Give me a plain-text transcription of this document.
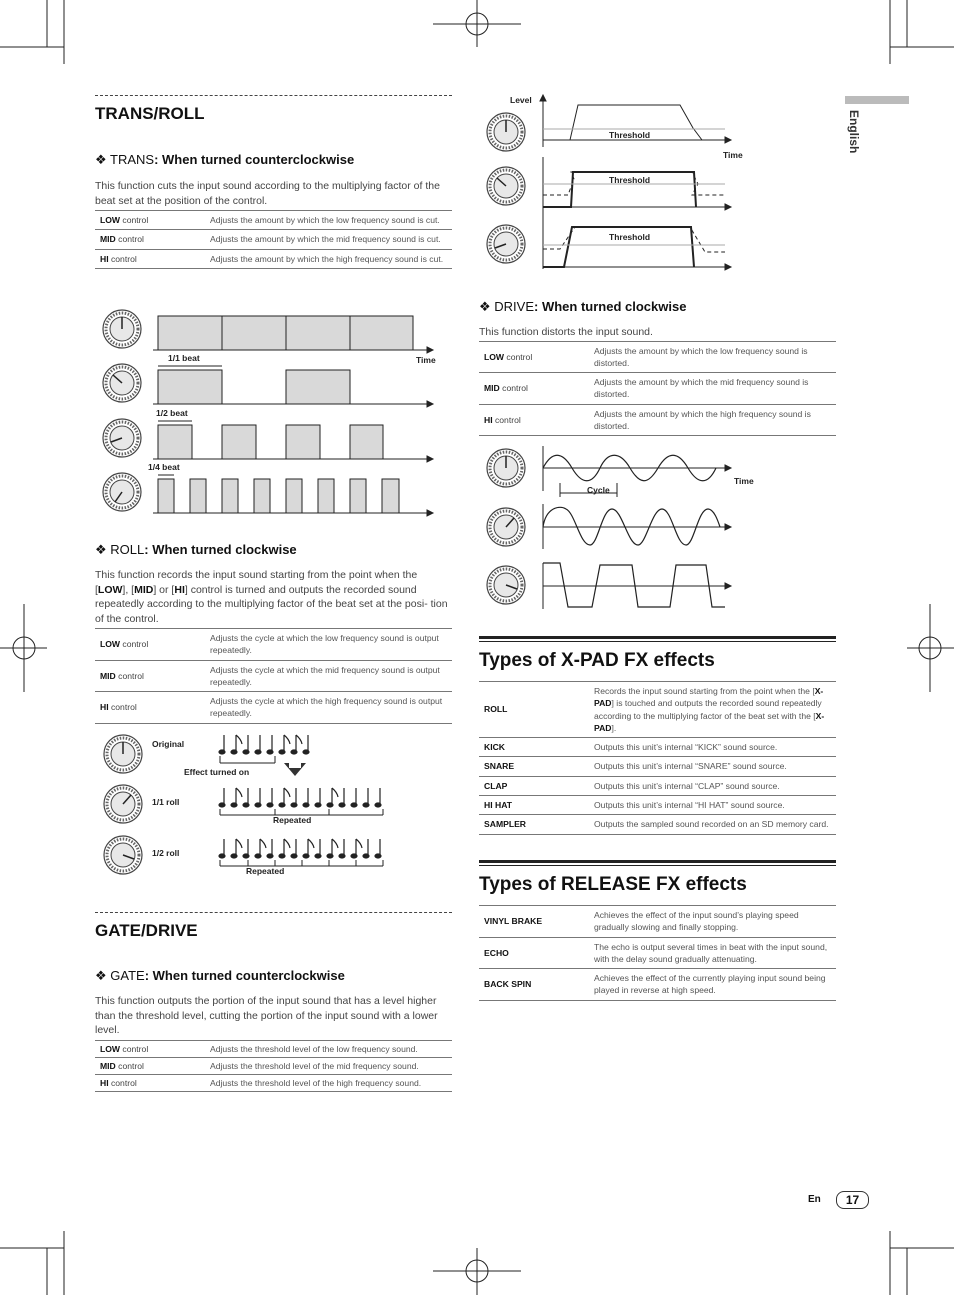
English
TRANS/ROLL
❖ TRANS: When turned counterclockwise
This function cuts the input sound according to the multiplying factor of the beat set at the position of the control.
LOW control	Adjusts the amount by which the low frequency sound is cut.
MID control	Adjusts the amount by which the mid frequency sound is cut.
HI control	Adjusts the amount by which the high frequency sound is cut.
1/1 beat	Time
1/2 beat
1/4 beat
❖ ROLL: When turned clockwise
This function records the input sound starting from the point when the [LOW], [MID] or [HI] control is turned and outputs the recorded sound repeatedly according to the multiplying factor of the beat set at the posi- tion of the control.
LOW control	Adjusts the cycle at which the low frequency sound is output repeatedly.
MID control	Adjusts the cycle at which the mid frequency sound is output repeatedly.
HI control	Adjusts the cycle at which the high frequency sound is output repeatedly.
Original
Effect turned on
1/1 roll
1/2 roll
Repeated
Repeated
GATE/DRIVE
❖ GATE: When turned counterclockwise
This function outputs the portion of the input sound that has a level higher than the threshold level, cutting the portion of the input sound with a lower level.
LOW control	Adjusts the threshold level of the low frequency sound.
MID control	Adjusts the threshold level of the mid frequency sound.
HI control	Adjusts the threshold level of the high frequency sound.
Level
Time
Threshold
Threshold
Threshold
❖ DRIVE: When turned clockwise
This function distorts the input sound.
LOW control	Adjusts the amount by which the low frequency sound is distorted.
MID control	Adjusts the amount by which the mid frequency sound is distorted.
HI control	Adjusts the amount by which the high frequency sound is distorted.
Cycle
Time
Types of X-PAD FX effects
ROLL	Records the input sound starting from the point when the [X-PAD] is touched and outputs the recorded sound repeatedly according to the multiplying factor of the beat set with the [X-PAD].
KICK	Outputs this unit’s internal “KICK” sound source.
SNARE	Outputs this unit’s internal “SNARE” sound source.
CLAP	Outputs this unit’s internal “CLAP” sound source.
HI HAT	Outputs this unit’s internal “HI HAT” sound source.
SAMPLER	Outputs the sampled sound recorded on an SD memory card.
Types of RELEASE FX effects
VINYL BRAKE	Achieves the effect of the input sound’s playing speed gradually slowing and finally stopping.
ECHO	The echo is output several times in beat with the input sound, with the delay sound gradually attenuating.
BACK SPIN	Achieves the effect of the currently playing input sound being played in reverse at high speed.
En	17
